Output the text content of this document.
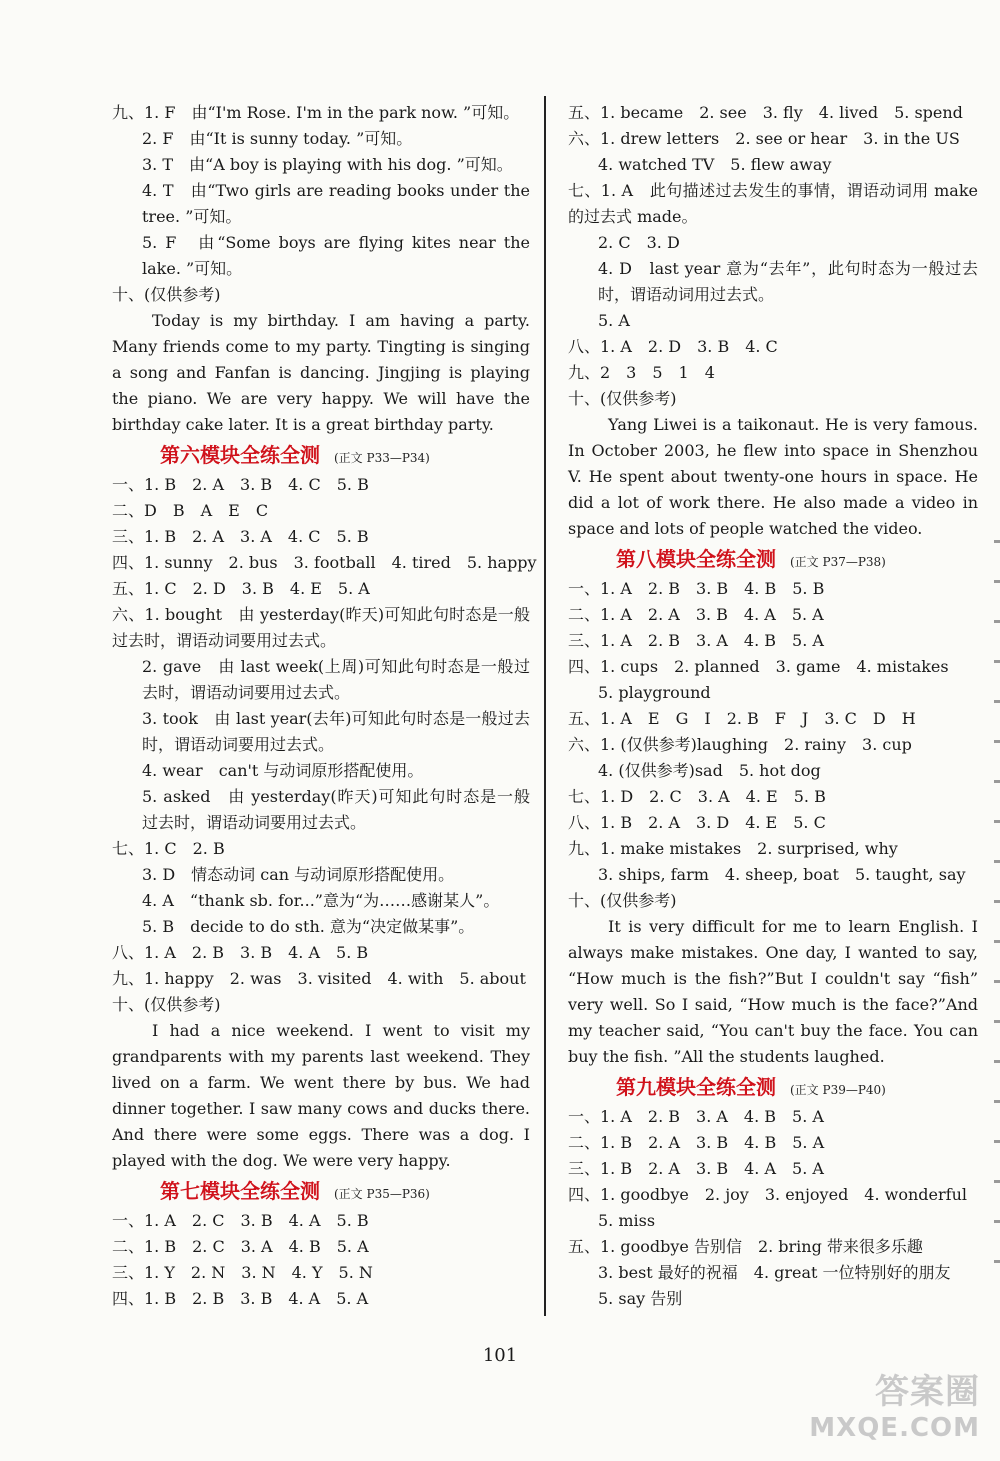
九、1. F　由“I'm Rose. I'm in the park now. ”可知。
2. F　由“It is sunny today. ”可知。
3. T　由“A boy is playing with his dog. ”可知。
4. T　由“Two girls are reading books under the tree. ”可知。
5. F　由“Some boys are flying kites near the lake. ”可知。
十、(仅供参考)
Today is my birthday. I am having a party. Many friends come to my party. Tingting is singing a song and Fanfan is dancing. Jingjing is playing the piano. We are very happy. We will have the birthday cake later. It is a great birthday party.
第六模块全练全测 (正文 P33—P34)
一、1. B　2. A　3. B　4. C　5. B
二、D　B　A　E　C
三、1. B　2. A　3. A　4. C　5. B
四、1. sunny　2. bus　3. football　4. tired　5. happy
五、1. C　2. D　3. B　4. E　5. A
六、1. bought　由 yesterday(昨天)可知此句时态是一般过去时，谓语动词要用过去式。
2. gave　由 last week(上周)可知此句时态是一般过去时，谓语动词要用过去式。
3. took　由 last year(去年)可知此句时态是一般过去时，谓语动词要用过去式。
4. wear　can't 与动词原形搭配使用。
5. asked　由 yesterday(昨天)可知此句时态是一般过去时，谓语动词要用过去式。
七、1. C　2. B
3. D　情态动词 can 与动词原形搭配使用。
4. A　“thank sb. for...”意为“为……感谢某人”。
5. B　decide to do sth. 意为“决定做某事”。
八、1. A　2. B　3. B　4. A　5. B
九、1. happy　2. was　3. visited　4. with　5. about
十、(仅供参考)
I had a nice weekend. I went to visit my grandparents with my parents last weekend. They lived on a farm. We went there by bus. We had dinner together. I saw many cows and ducks there. And there were some eggs. There was a dog. I played with the dog. We were very happy.
第七模块全练全测 (正文 P35—P36)
一、1. A　2. C　3. B　4. A　5. B
二、1. B　2. C　3. A　4. B　5. A
三、1. Y　2. N　3. N　4. Y　5. N
四、1. B　2. B　3. B　4. A　5. A
五、1. became　2. see　3. fly　4. lived　5. spend
六、1. drew letters　2. see or hear　3. in the US
4. watched TV　5. flew away
七、1. A　此句描述过去发生的事情，谓语动词用 make 的过去式 made。
2. C　3. D
4. D　last year 意为“去年”，此句时态为一般过去时，谓语动词用过去式。
5. A
八、1. A　2. D　3. B　4. C
九、2　3　5　1　4
十、(仅供参考)
Yang Liwei is a taikonaut. He is very famous. In October 2003, he flew into space in Shenzhou V. He spent about twenty-one hours in space. He did a lot of work there. He also made a video in space and lots of people watched the video.
第八模块全练全测 (正文 P37—P38)
一、1. A　2. B　3. B　4. B　5. B
二、1. A　2. A　3. B　4. A　5. A
三、1. A　2. B　3. A　4. B　5. A
四、1. cups　2. planned　3. game　4. mistakes
5. playground
五、1. A　E　G　I　2. B　F　J　3. C　D　H
六、1. (仅供参考)laughing　2. rainy　3. cup
4. (仅供参考)sad　5. hot dog
七、1. D　2. C　3. A　4. E　5. B
八、1. B　2. A　3. D　4. E　5. C
九、1. make mistakes　2. surprised, why
3. ships, farm　4. sheep, boat　5. taught, say
十、(仅供参考)
It is very difficult for me to learn English. I always make mistakes. One day, I wanted to say, “How much is the fish?”But I couldn't say “fish” very well. So I said, “How much is the face?”And my teacher said, “You can't buy the face. You can buy the fish. ”All the students laughed.
第九模块全练全测 (正文 P39—P40)
一、1. A　2. B　3. A　4. B　5. A
二、1. B　2. A　3. B　4. B　5. A
三、1. B　2. A　3. B　4. A　5. A
四、1. goodbye　2. joy　3. enjoyed　4. wonderful
5. miss
五、1. goodbye 告别信　2. bring 带来很多乐趣
3. best 最好的祝福　4. great 一位特别好的朋友
5. say 告别
101
答案圈
MXQE.COM
